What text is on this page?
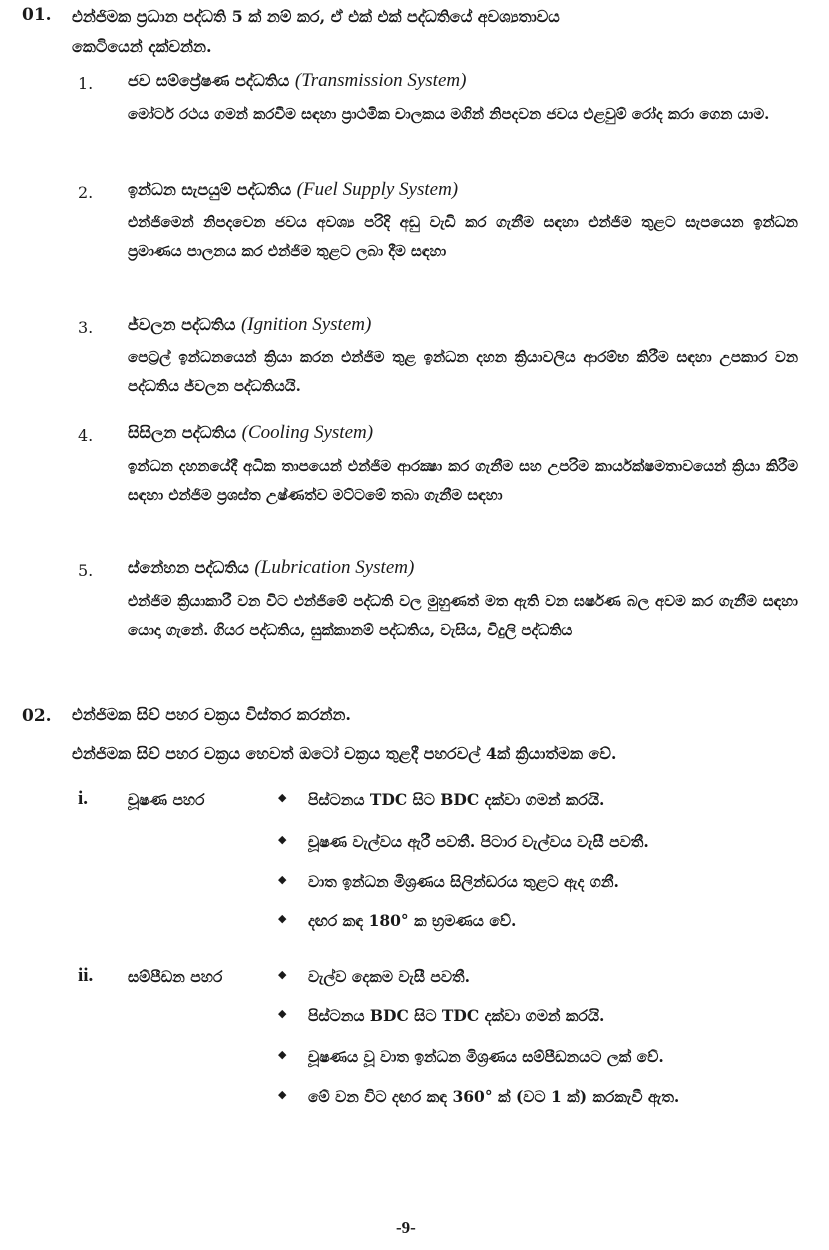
01. එන්ජිමක ප්‍රධාන පද්ධති 5 ක් නම් කර, ඒ එක් එක් පද්ධතියේ අවශ්‍යතාවය
කෙටියෙන් දක්වන්න.
1. ජව සම්ප්‍රේෂණ පද්ධතිය (Transmission System)
මෝටර් රථය ගමන් කරවීම සඳහා ප්‍රාථමික චාලකය මගින් නිපදවන ජවය එළවුම් රෝද කරා ගෙන යාම.
2. ඉන්ධන සැපයුම් පද්ධතිය (Fuel Supply System)
එන්ජිමෙන් නිපදවෙන ජවය අවශ්‍ය පරිදි අඩු වැඩි කර ගැනීම සඳහා එන්ජිම තුළට සැපයෙන ඉන්ධන ප්‍රමාණය පාලනය කර එන්ජිම තුළට ලබා දීම සඳහා
3. ජ්වලන පද්ධතිය (Ignition System)
පෙට්‍රල් ඉන්ධනයෙන් ක්‍රියා කරන එන්ජිම තුළ ඉන්ධන දහන ක්‍රියාවලිය ආරම්භ කිරීම සඳහා උපකාර වන පද්ධතිය ජ්වලන පද්ධතියයි.
4. සිසිලන පද්ධතිය (Cooling System)
ඉන්ධන දහනයේදී අධික තාපයෙන් එන්ජිම ආරක්‍ෂා කර ගැනීම සහ උපරිම කාර්යක්ෂමතාවයෙන් ක්‍රියා කිරීම සඳහා එන්ජිම ප්‍රශස්ත උෂ්ණත්ව මට්ටමේ තබා ගැනීම සඳහා
5. ස්නේහන පද්ධතිය (Lubrication System)
එන්ජිම ක්‍රියාකාරී වන විට එන්ජිමේ පද්ධති වල මුහුණත් මත ඇති වන ඝර්ෂණ බල අවම කර ගැනීම සඳහා යොදා ගැනේ. ගියර පද්ධතිය, සුක්කානම් පද්ධතිය, වැසිය, විදුලි පද්ධතිය
02. එන්ජිමක සිව් පහර චක්‍රය විස්තර කරන්න.
එන්ජිමක සිව් පහර චක්‍රය හෙවත් ඔටෝ චක්‍රය තුළදී පහරවල් 4ක් ක්‍රියාත්මක වේ.
i.	චූෂණ පහර	◆ පිස්ටනය TDC සිට BDC දක්වා ගමන් කරයි.
◆ චූෂණ වැල්වය ඇරී පවතී. පිටාර වැල්වය වැසී පවතී.
◆ වාත ඉන්ධන මිශ්‍රණය සිලින්ඩරය තුළට ඇද ගනී.
◆ දඟර කඳ 180° ක භ්‍රමණය වේ.
ii. සම්පීඩන පහර	◆ වැල්ව දෙකම වැසී පවතී.
◆ පිස්ටනය BDC සිට TDC දක්වා ගමන් කරයි.
◆ චූෂණය වූ වාත ඉන්ධන මිශ්‍රණය සම්පීඩනයට ලක් වේ.
◆ මේ වන විට දඟර කඳ 360° ක් (වට 1 ක්) කරකැවී ඇත.
-9-
